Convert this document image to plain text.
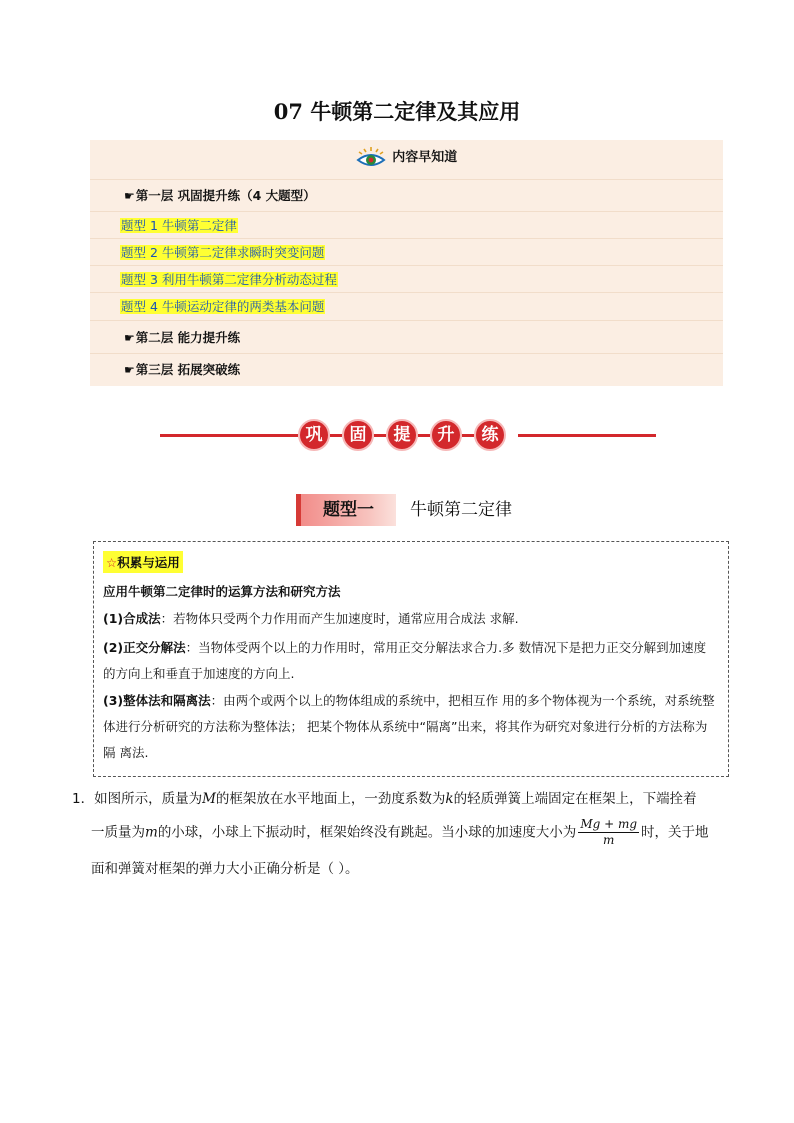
07 牛顿第二定律及其应用
内容早知道
☛第一层 巩固提升练（4 大题型）
题型 1 牛顿第二定律
题型 2 牛顿第二定律求瞬时突变问题
题型 3 利用牛顿第二定律分析动态过程
题型 4 牛顿运动定律的两类基本问题
☛第二层 能力提升练
☛第三层 拓展突破练
巩	固	提	升	练
题型一	牛顿第二定律
☆积累与运用
应用牛顿第二定律时的运算方法和研究方法
(1)合成法：若物体只受两个力作用而产生加速度时，通常应用合成法 求解.
(2)正交分解法：当物体受两个以上的力作用时，常用正交分解法求合力.多 数情况下是把力正交分解到加速度的方向上和垂直于加速度的方向上.
(3)整体法和隔离法：由两个或两个以上的物体组成的系统中，把相互作 用的多个物体视为一个系统，对系统整体进行分析研究的方法称为整体法； 把某个物体从系统中“隔离”出来，将其作为研究对象进行分析的方法称为隔 离法.
1．如图所示，质量为M的框架放在水平地面上，一劲度系数为k的轻质弹簧上端固定在框架上，下端拴着
一质量为m的小球，小球上下振动时，框架始终没有跳起。当小球的加速度大小为 $\frac{Mg + mg}{m}$ 时，关于地
面和弹簧对框架的弹力大小正确分析是（ ）。
